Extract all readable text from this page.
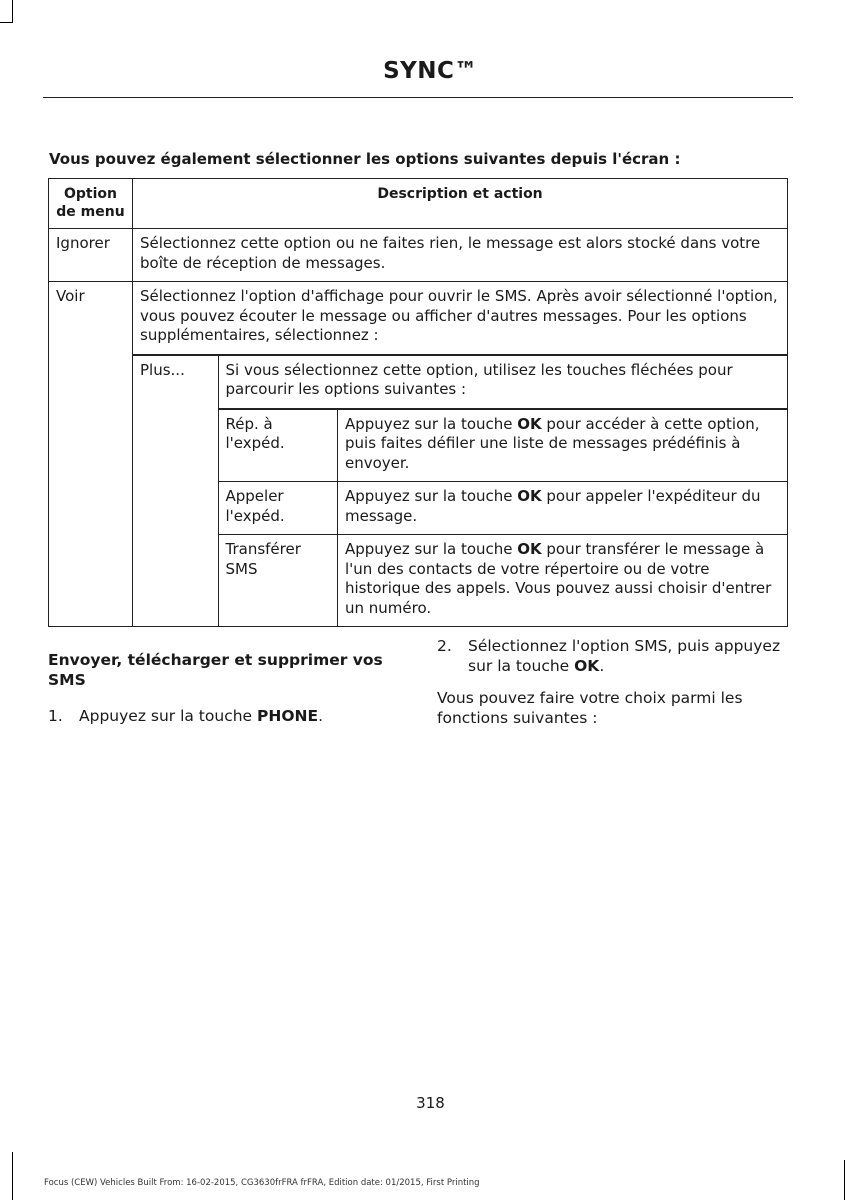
SYNC™
Vous pouvez également sélectionner les options suivantes depuis l'écran :
Option de menu	Description et action
Ignorer	Sélectionnez cette option ou ne faites rien, le message est alors stocké dans votre boîte de réception de messages.
Voir	Sélectionnez l'option d'affichage pour ouvrir le SMS. Après avoir sélectionné l'option, vous pouvez écouter le message ou afficher d'autres messages. Pour les options supplémentaires, sélectionnez :

Plus...	Si vous sélectionnez cette option, utilisez les touches fléchées pour parcourir les options suivantes :

Rép. à l'expéd.	Appuyez sur la touche OK pour accéder à cette option, puis faites défiler une liste de messages prédéfinis à envoyer.
Appeler l'expéd.	Appuyez sur la touche OK pour appeler l'expéditeur du message.
Transférer SMS	Appuyez sur la touche OK pour transférer le message à l'un des contacts de votre répertoire ou de votre historique des appels. Vous pouvez aussi choisir d'entrer un numéro.
Envoyer, télécharger et supprimer vos SMS
1. Appuyez sur la touche PHONE.
2. Sélectionnez l'option SMS, puis appuyez sur la touche OK.
Vous pouvez faire votre choix parmi les fonctions suivantes :
318
Focus (CEW) Vehicles Built From: 16-02-2015, CG3630frFRA frFRA, Edition date: 01/2015, First Printing
